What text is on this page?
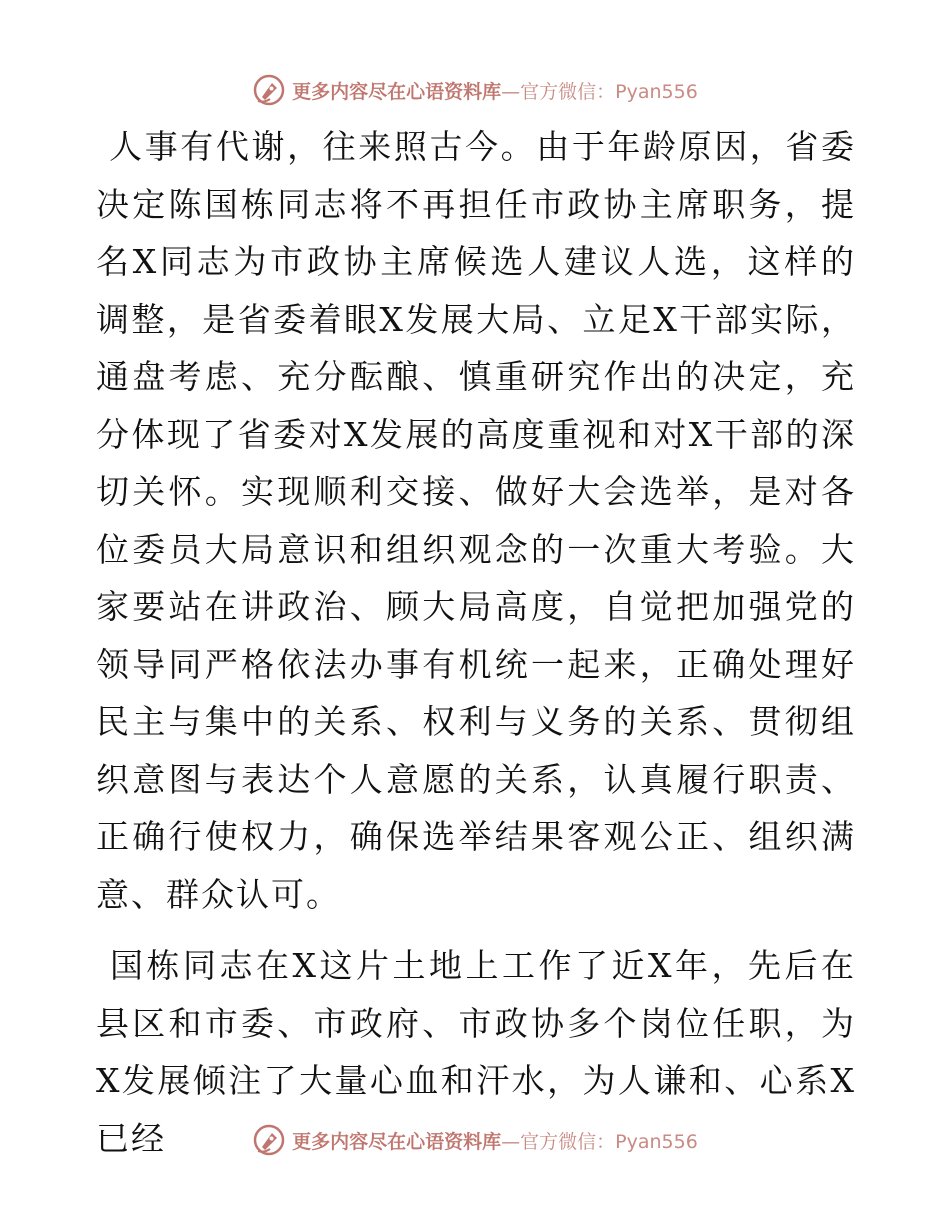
更多内容尽在心语资料库—官方微信：Pyan556

人事有代谢，往来照古今。由于年龄原因，省委决定陈国栋同志将不再担任市政协主席职务，提名X同志为市政协主席候选人建议人选，这样的调整，是省委着眼X发展大局、立足X干部实际，通盘考虑、充分酝酿、慎重研究作出的决定，充分体现了省委对X发展的高度重视和对X干部的深切关怀。实现顺利交接、做好大会选举，是对各位委员大局意识和组织观念的一次重大考验。大家要站在讲政治、顾大局高度，自觉把加强党的领导同严格依法办事有机统一起来，正确处理好民主与集中的关系、权利与义务的关系、贯彻组织意图与表达个人意愿的关系，认真履行职责、正确行使权力，确保选举结果客观公正、组织满意、群众认可。

国栋同志在X这片土地上工作了近X年，先后在县区和市委、市政府、市政协多个岗位任职，为X发展倾注了大量心血和汗水，为人谦和、心系X已经	更多内容尽在心语资料库—官方微信：Pyan556
